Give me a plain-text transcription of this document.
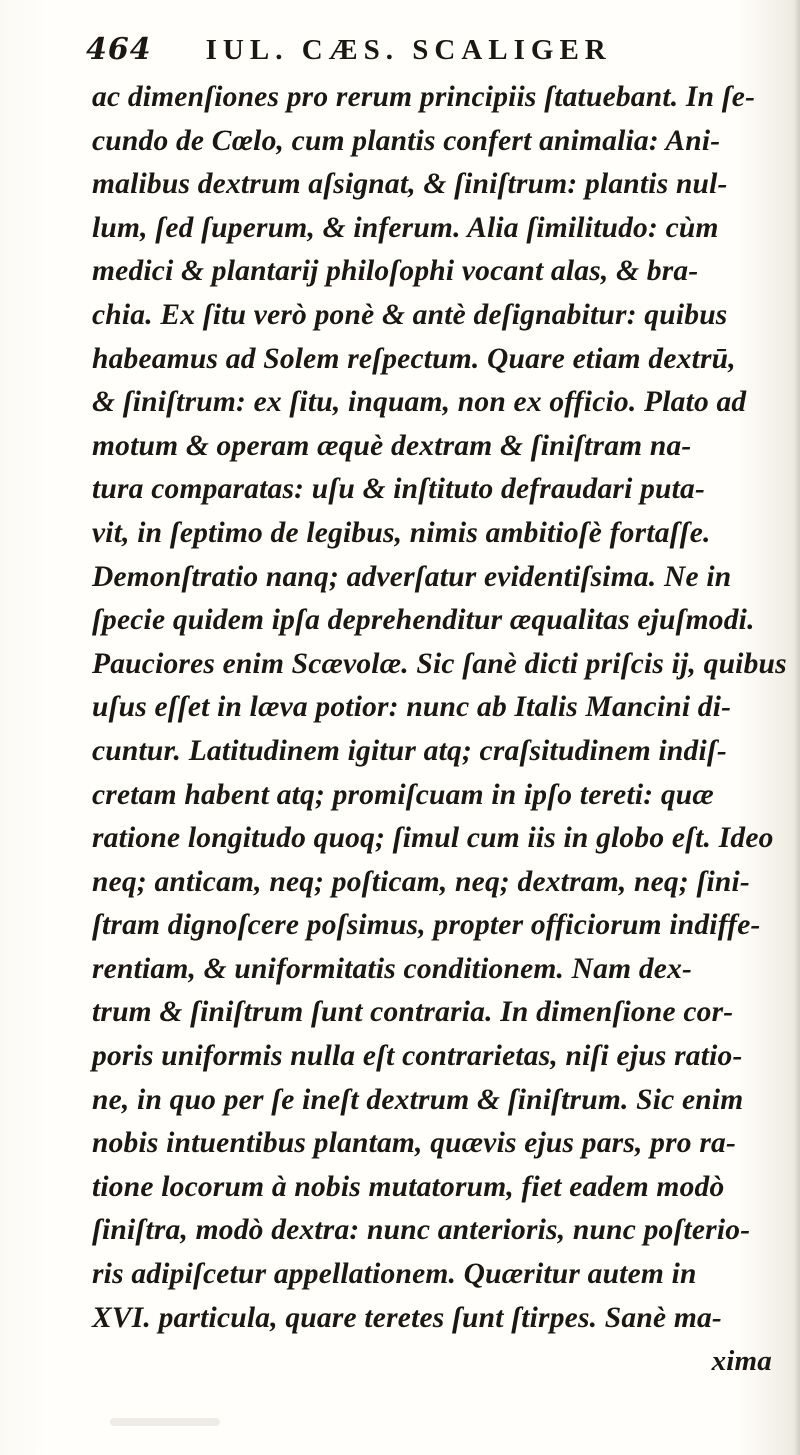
464 IUL. CÆS. SCALIGER
ac dimenſiones pro rerum principiis ſtatuebant. In ſe-
cundo de Cœlo, cum plantis confert animalia: Ani-
malibus dextrum aſsignat, & ſiniſtrum: plantis nul-
lum, ſed ſuperum, & inferum. Alia ſimilitudo: cùm
medici & plantarij philoſophi vocant alas, & bra-
chia. Ex ſitu verò ponè & antè deſignabitur: quibus
habeamus ad Solem reſpectum. Quare etiam dextrū,
& ſiniſtrum: ex ſitu, inquam, non ex officio. Plato ad
motum & operam æquè dextram & ſiniſtram na-
tura comparatas: uſu & inſtituto defraudari puta-
vit, in ſeptimo de legibus, nimis ambitioſè fortaſſe.
Demonſtratio nanq; adverſatur evidentiſsima. Ne in
ſpecie quidem ipſa deprehenditur æqualitas ejuſmodi.
Pauciores enim Scævolæ. Sic ſanè dicti priſcis ij, quibus
uſus eſſet in læva potior: nunc ab Italis Mancini di-
cuntur. Latitudinem igitur atq; craſsitudinem indiſ-
cretam habent atq; promiſcuam in ipſo tereti: quæ
ratione longitudo quoq; ſimul cum iis in globo eſt. Ideo
neq; anticam, neq; poſticam, neq; dextram, neq; ſini-
ſtram dignoſcere poſsimus, propter officiorum indiffe-
rentiam, & uniformitatis conditionem. Nam dex-
trum & ſiniſtrum ſunt contraria. In dimenſione cor-
poris uniformis nulla eſt contrarietas, niſi ejus ratio-
ne, in quo per ſe ineſt dextrum & ſiniſtrum. Sic enim
nobis intuentibus plantam, quævis ejus pars, pro ra-
tione locorum à nobis mutatorum, fiet eadem modò
ſiniſtra, modò dextra: nunc anterioris, nunc poſterio-
ris adipiſcetur appellationem. Quæritur autem in
XVI. particula, quare teretes ſunt ſtirpes. Sanè ma-
xima
